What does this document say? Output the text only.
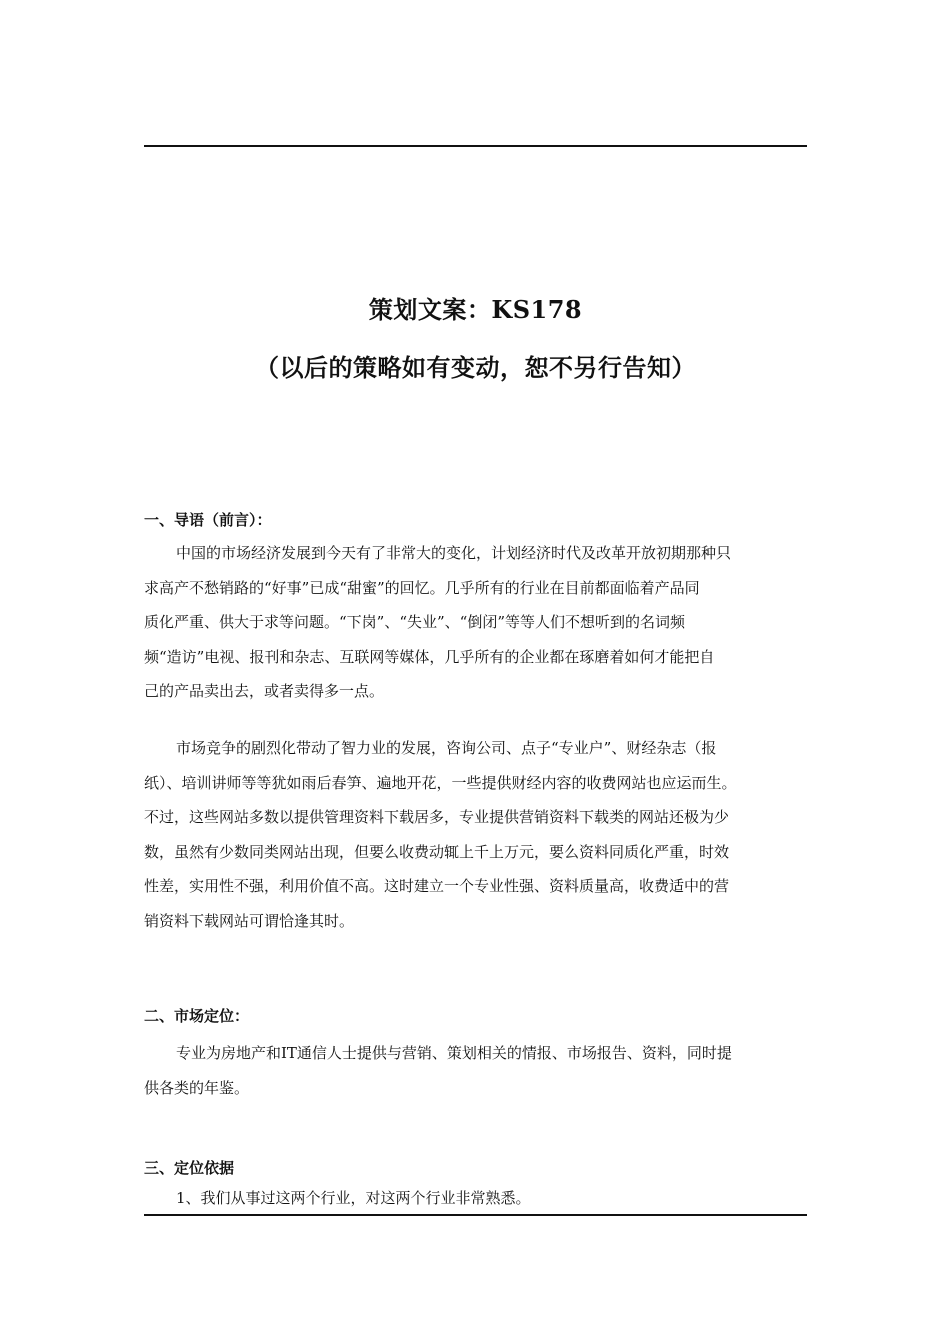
策划文案：KS178
（以后的策略如有变动，恕不另行告知）
一、导语（前言）：
中国的市场经济发展到今天有了非常大的变化，计划经济时代及改革开放初期那种只
求高产不愁销路的“好事”已成“甜蜜”的回忆。几乎所有的行业在目前都面临着产品同
质化严重、供大于求等问题。“下岗”、“失业”、“倒闭”等等人们不想听到的名词频
频“造访”电视、报刊和杂志、互联网等媒体，几乎所有的企业都在琢磨着如何才能把自
己的产品卖出去，或者卖得多一点。
市场竞争的剧烈化带动了智力业的发展，咨询公司、点子“专业户”、财经杂志（报
纸）、培训讲师等等犹如雨后春笋、遍地开花，一些提供财经内容的收费网站也应运而生。
不过，这些网站多数以提供管理资料下载居多，专业提供营销资料下载类的网站还极为少
数，虽然有少数同类网站出现，但要么收费动辄上千上万元，要么资料同质化严重，时效
性差，实用性不强，利用价值不高。这时建立一个专业性强、资料质量高，收费适中的营
销资料下载网站可谓恰逢其时。
二、市场定位：
专业为房地产和IT通信人士提供与营销、策划相关的情报、市场报告、资料，同时提
供各类的年鉴。
三、定位依据
1、我们从事过这两个行业，对这两个行业非常熟悉。
